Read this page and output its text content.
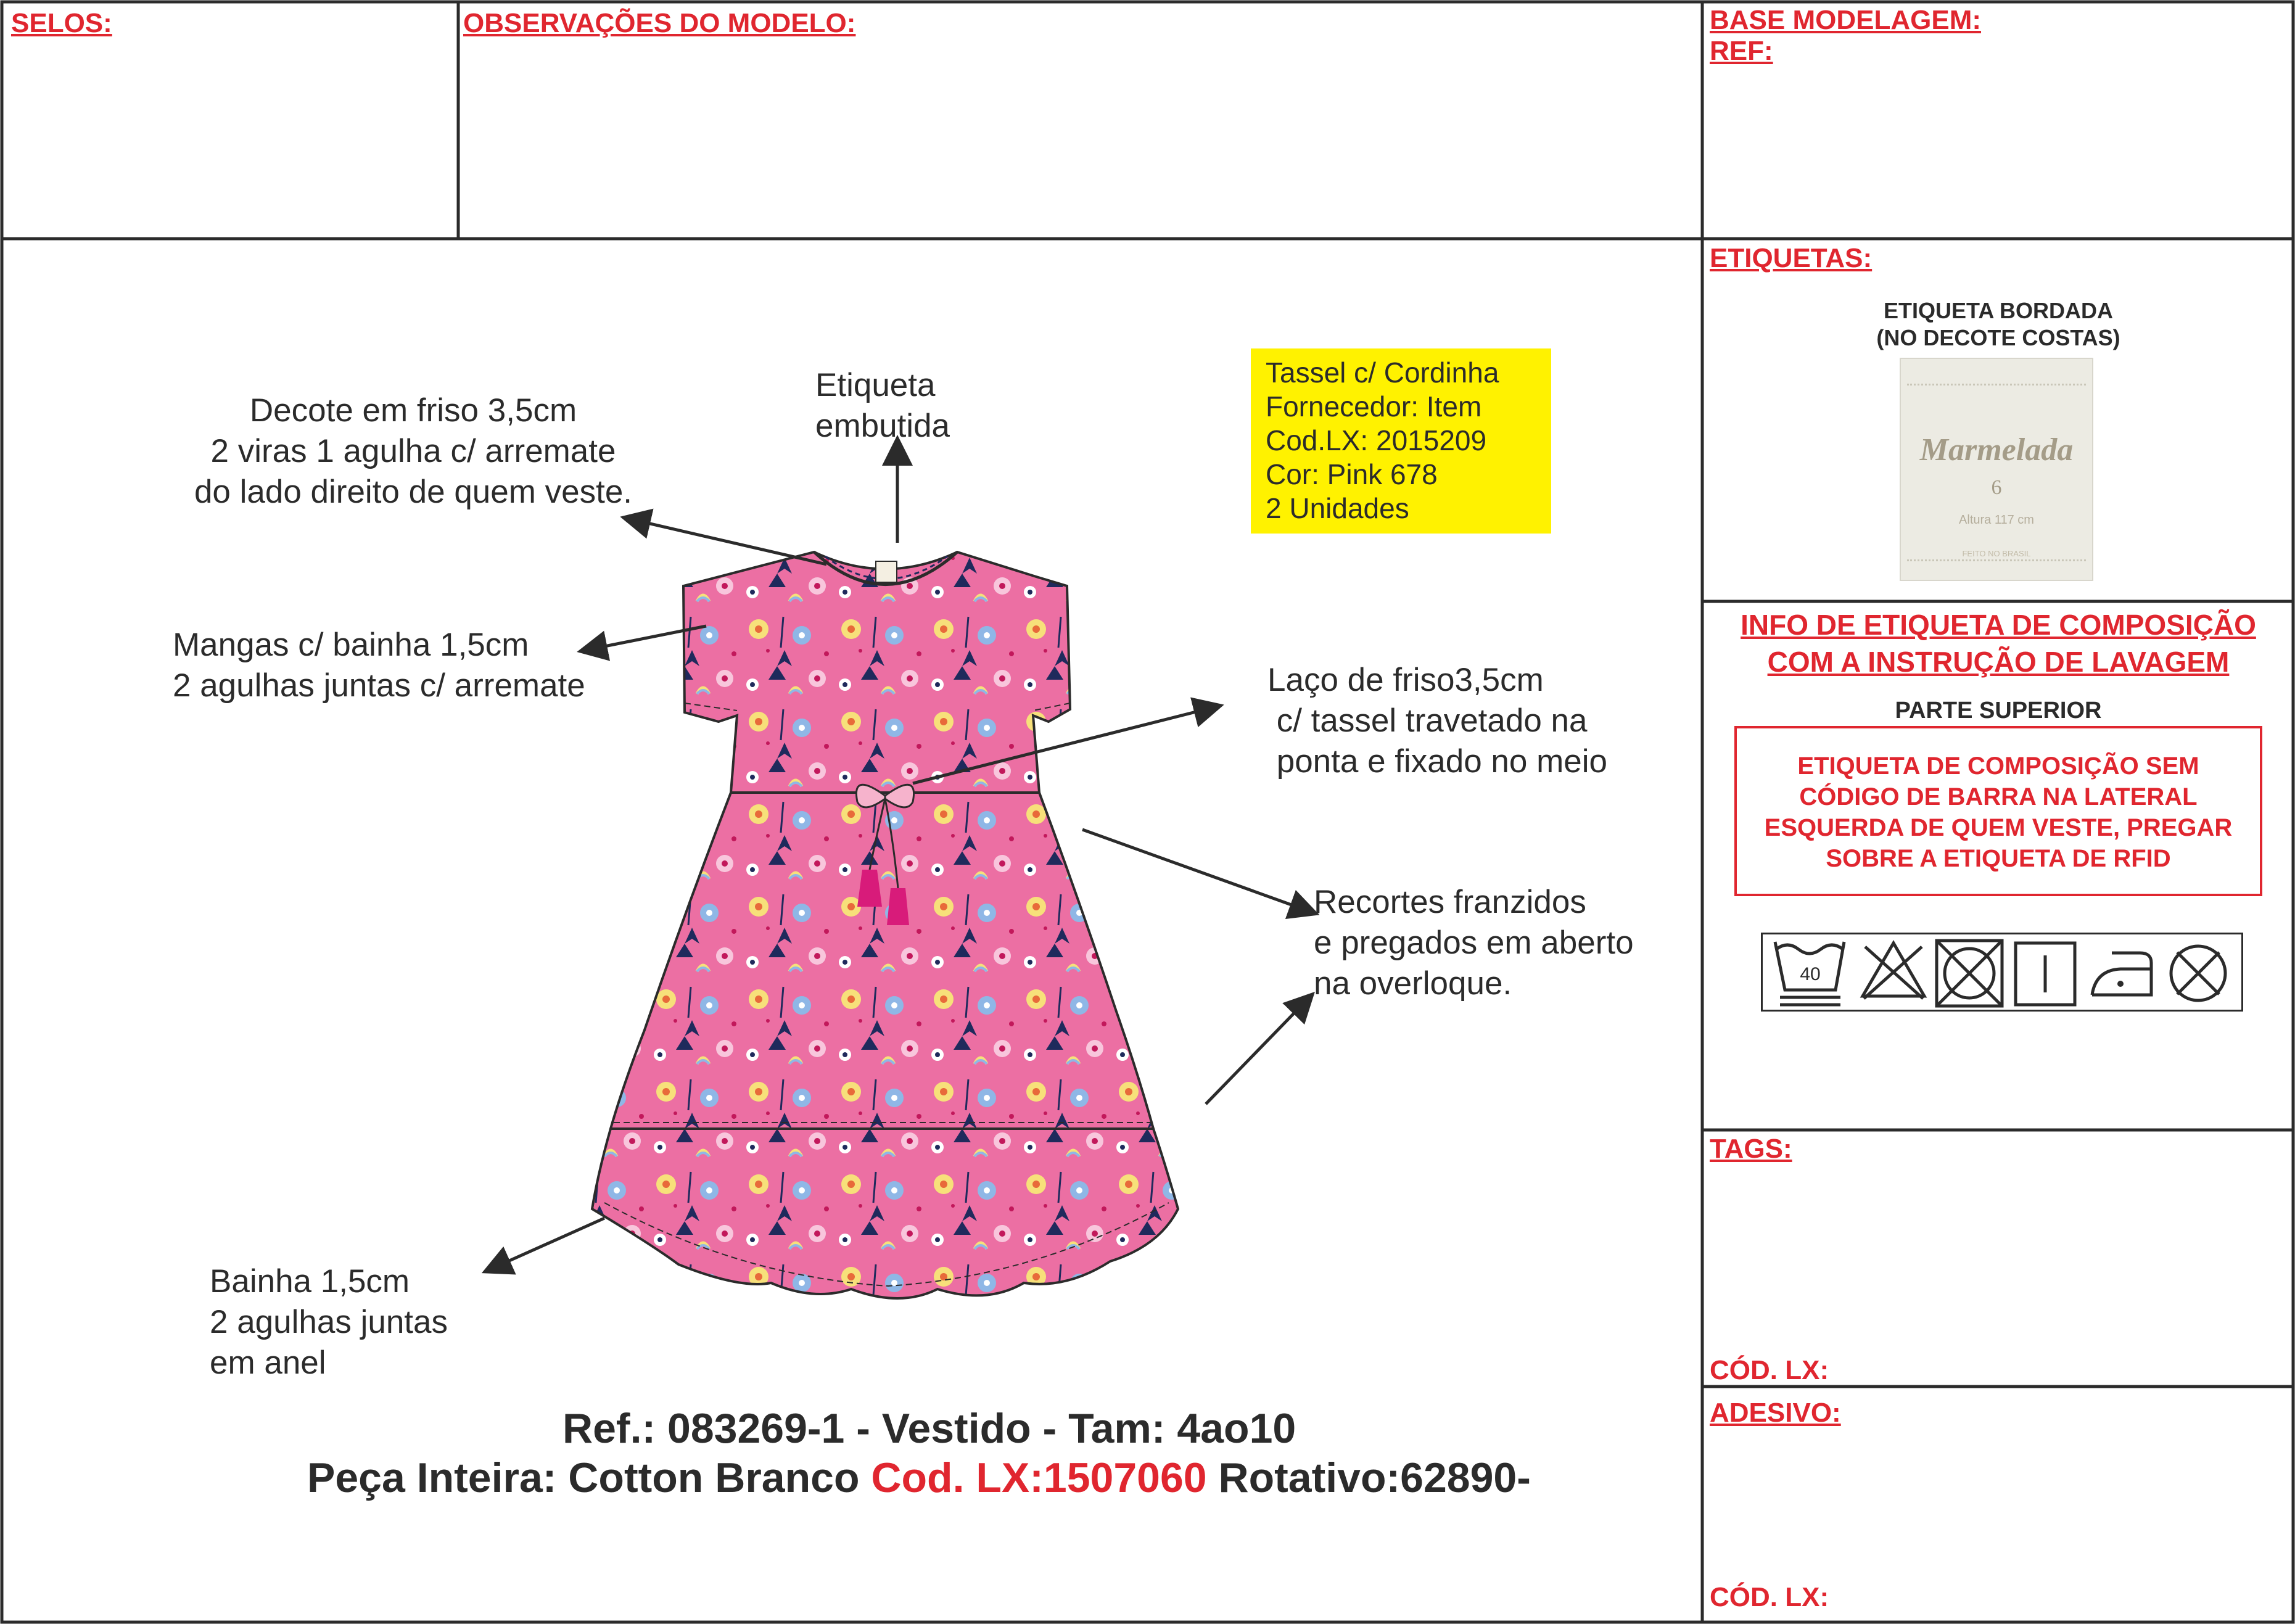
SELOS:	OBSERVAÇÕES DO MODELO:	BASE MODELAGEM:
REF:
ETIQUETAS:
TAGS:
CÓD. LX:
ADESIVO:
CÓD. LX:
ETIQUETA BORDADA
(NO DECOTE COSTAS)
Marmelada
6
Altura 117 cm
FEITO NO BRASIL
INFO DE ETIQUETA DE COMPOSIÇÃO
COM A INSTRUÇÃO DE LAVAGEM
PARTE SUPERIOR
ETIQUETA DE COMPOSIÇÃO SEM
CÓDIGO DE BARRA NA LATERAL
ESQUERDA DE QUEM VESTE, PREGAR
SOBRE A ETIQUETA DE RFID
40
Decote em friso 3,5cm
2 viras 1 agulha c/ arremate
do lado direito de quem veste.
Etiqueta
embutida
Mangas c/ bainha 1,5cm
2 agulhas juntas c/ arremate	Laço de friso3,5cm
c/ tassel travetado na
ponta e fixado no meio
Recortes franzidos
e pregados em aberto
na overloque.
Bainha 1,5cm
2 agulhas juntas
em anel
Tassel c/ Cordinha
Fornecedor: Item
Cod.LX: 2015209
Cor: Pink 678
2 Unidades
Ref.: 083269-1 - Vestido - Tam: 4ao10
Peça Inteira: Cotton Branco Cod. LX:1507060 Rotativo:62890-
